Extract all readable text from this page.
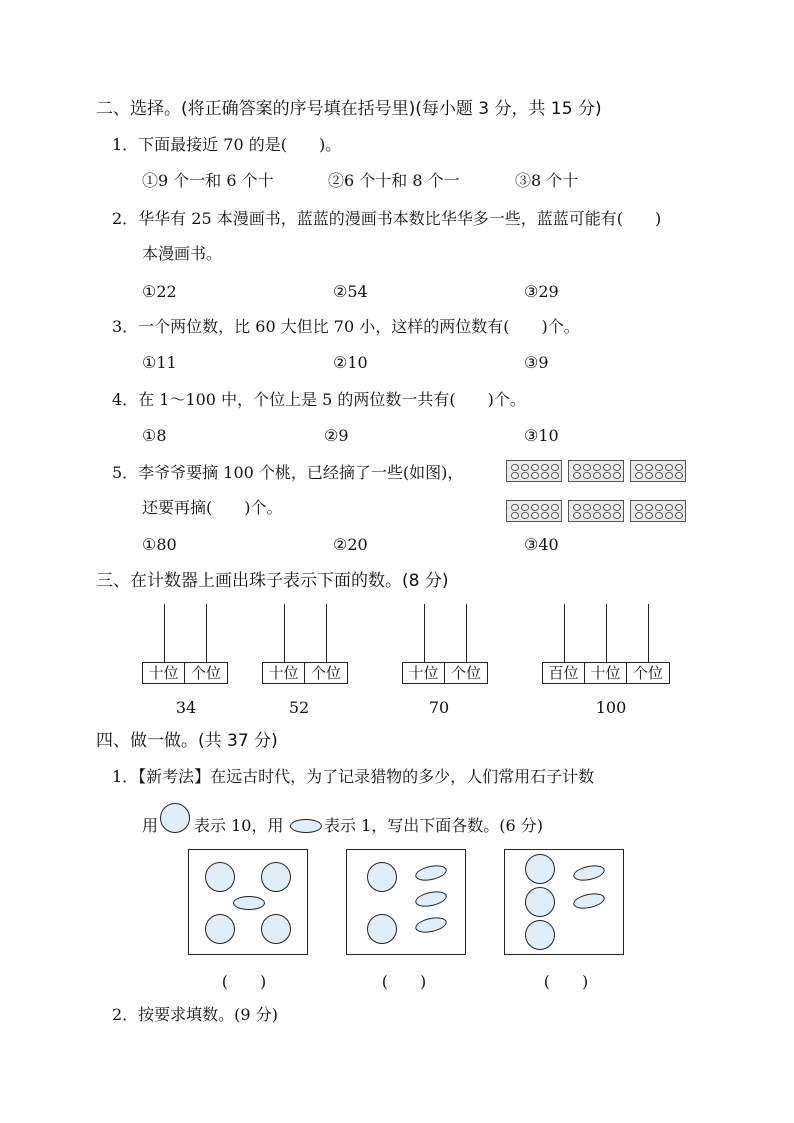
二、选择。(将正确答案的序号填在括号里)(每小题 3 分，共 15 分)
1．下面最接近 70 的是(　　)。
①9 个一和 6 个十	②6 个十和 8 个一	③8 个十
2．华华有 25 本漫画书，蓝蓝的漫画书本数比华华多一些，蓝蓝可能有(　　)
本漫画书。
①22	②54	③29
3．一个两位数，比 60 大但比 70 小，这样的两位数有(　　)个。
①11	②10	③9
4．在 1～100 中，个位上是 5 的两位数一共有(　　)个。
①8	②9	③10
5．李爷爷要摘 100 个桃，已经摘了一些(如图)，
还要再摘(　　)个。
①80	②20	③40
三、在计数器上画出珠子表示下面的数。(8 分)
十位 个位
34
十位 个位
52
十位 个位
70
百位 十位 个位
100
四、做一做。(共 37 分)
1．【新考法】在远古时代，为了记录猎物的多少，人们常用石子计数
用 表示 10，用	表示 1，写出下面各数。(6 分)
(　　)	(　　)	(　　)
2．按要求填数。(9 分)
